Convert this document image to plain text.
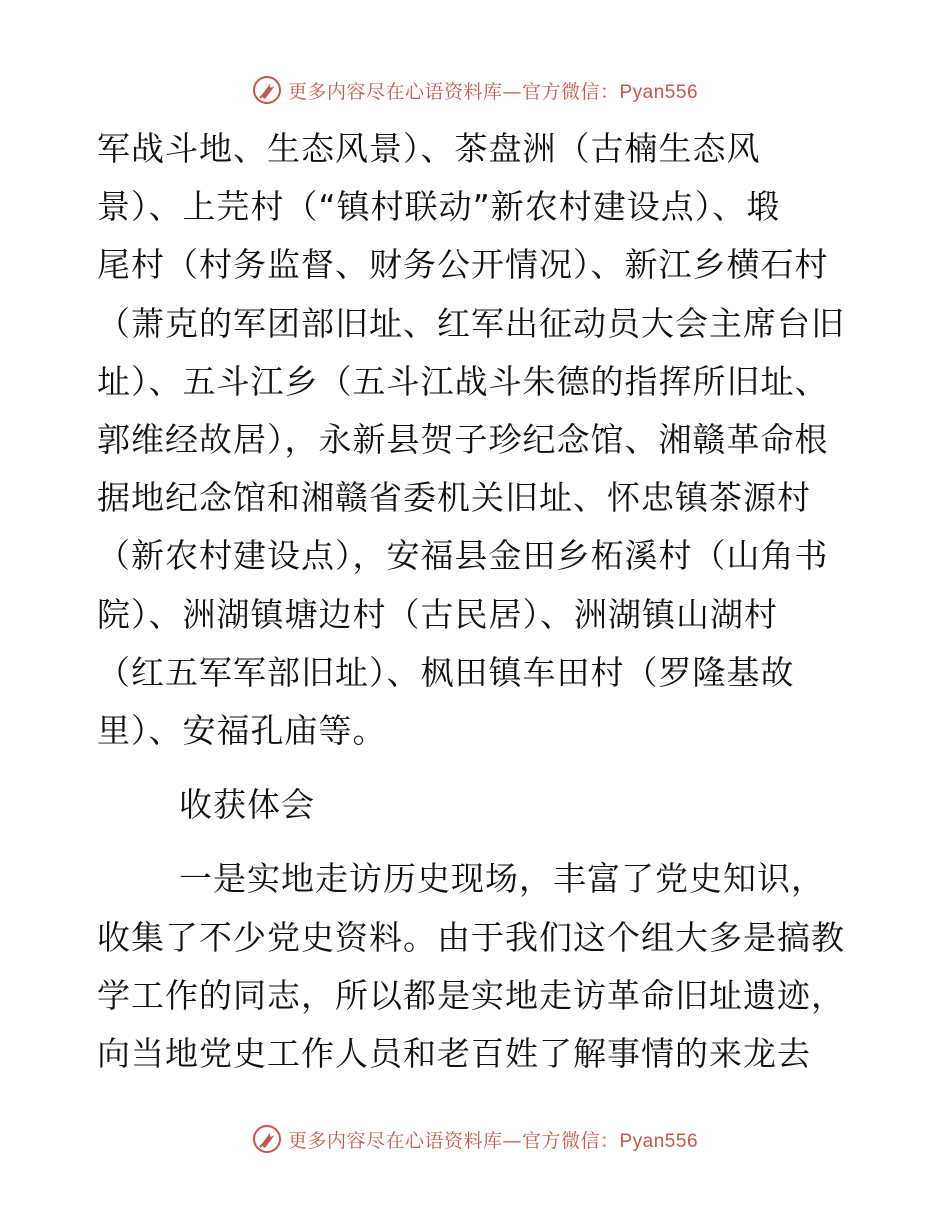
更多内容尽在心语资料库—官方微信：Pyan556
军战斗地、生态风景）、茶盘洲（古楠生态风
景）、上芫村（“镇村联动”新农村建设点）、塅
尾村（村务监督、财务公开情况）、新江乡横石村
（萧克的军团部旧址、红军出征动员大会主席台旧
址）、五斗江乡（五斗江战斗朱德的指挥所旧址、
郭维经故居），永新县贺子珍纪念馆、湘赣革命根
据地纪念馆和湘赣省委机关旧址、怀忠镇茶源村
（新农村建设点），安福县金田乡柘溪村（山角书
院）、洲湖镇塘边村（古民居）、洲湖镇山湖村
（红五军军部旧址）、枫田镇车田村（罗隆基故
里）、安福孔庙等。
收获体会
一是实地走访历史现场，丰富了党史知识，
收集了不少党史资料。由于我们这个组大多是搞教
学工作的同志，所以都是实地走访革命旧址遗迹，
向当地党史工作人员和老百姓了解事情的来龙去
更多内容尽在心语资料库—官方微信：Pyan556
